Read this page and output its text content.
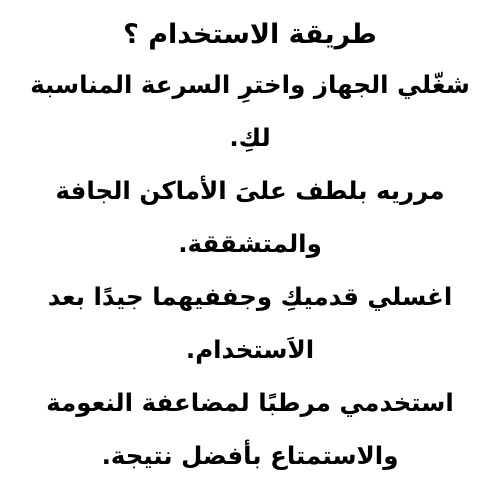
طريقة الاستخدام ؟
شغّلي الجهاز واخترِ السرعة المناسبة لكِ.
مرريه بلطف علىَ الأماكن الجافة والمتشققة.
اغسلي قدميكِ وجففيهما جيدًا بعد الاَستخدام.
استخدمي مرطبًا لمضاعفة النعومة والاستمتاع بأفضل نتيجة.
